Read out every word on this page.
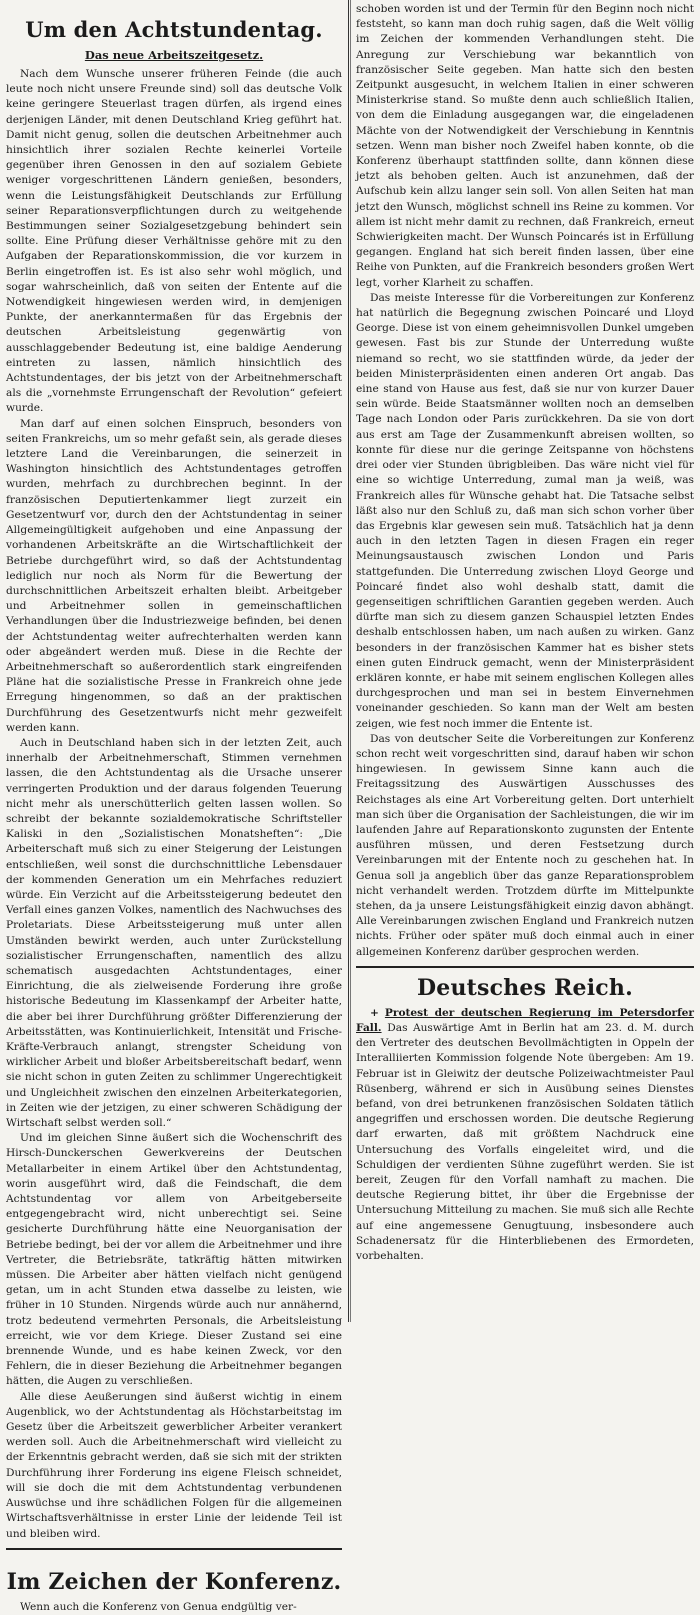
Um den Achtstundentag.
Das neue Arbeitszeitgesetz.

Nach dem Wunsche unserer früheren Feinde (die auch leute noch nicht unsere Freunde sind) soll das deutsche Volk keine geringere Steuerlast tragen dürfen, als irgend eines derjenigen Länder, mit denen Deutschland Krieg geführt hat. Damit nicht genug, sollen die deutschen Arbeitnehmer auch hinsichtlich ihrer sozialen Rechte keinerlei Vorteile gegenüber ihren Genossen in den auf sozialem Gebiete weniger vorgeschrittenen Ländern genießen, besonders, wenn die Leistungsfähigkeit Deutschlands zur Erfüllung seiner Reparationsverpflichtungen durch zu weitgehende Bestimmungen seiner Sozialgesetzgebung behindert sein sollte. Eine Prüfung dieser Verhältnisse gehöre mit zu den Aufgaben der Reparationskommission, die vor kurzem in Berlin eingetroffen ist. Es ist also sehr wohl möglich, und sogar wahrscheinlich, daß von seiten der Entente auf die Notwendigkeit hingewiesen werden wird, in demjenigen Punkte, der anerkanntermaßen für das Ergebnis der deutschen Arbeitsleistung gegenwärtig von ausschlaggebender Bedeutung ist, eine baldige Aenderung eintreten zu lassen, nämlich hinsichtlich des Achtstundentages, der bis jetzt von der Arbeitnehmerschaft als die „vornehmste Errungenschaft der Revolution“ gefeiert wurde.

Man darf auf einen solchen Einspruch, besonders von seiten Frankreichs, um so mehr gefaßt sein, als gerade dieses letztere Land die Vereinbarungen, die seinerzeit in Washington hinsichtlich des Achtstundentages getroffen wurden, mehrfach zu durchbrechen beginnt. In der französischen Deputiertenkammer liegt zurzeit ein Gesetzentwurf vor, durch den der Achtstundentag in seiner Allgemeingültigkeit aufgehoben und eine Anpassung der vorhandenen Arbeitskräfte an die Wirtschaftlichkeit der Betriebe durchgeführt wird, so daß der Achtstundentag lediglich nur noch als Norm für die Bewertung der durchschnittlichen Arbeitszeit erhalten bleibt. Arbeitgeber und Arbeitnehmer sollen in gemeinschaftlichen Verhandlungen über die Industriezweige befinden, bei denen der Achtstundentag weiter aufrechterhalten werden kann oder abgeändert werden muß. Diese in die Rechte der Arbeitnehmerschaft so außerordentlich stark eingreifenden Pläne hat die sozialistische Presse in Frankreich ohne jede Erregung hingenommen, so daß an der praktischen Durchführung des Gesetzentwurfs nicht mehr gezweifelt werden kann.

Auch in Deutschland haben sich in der letzten Zeit, auch innerhalb der Arbeitnehmerschaft, Stimmen vernehmen lassen, die den Achtstundentag als die Ursache unserer verringerten Produktion und der daraus folgenden Teuerung nicht mehr als unerschütterlich gelten lassen wollen. So schreibt der bekannte sozialdemokratische Schriftsteller Kaliski in den „Sozialistischen Monatsheften“: „Die Arbeiterschaft muß sich zu einer Steigerung der Leistungen entschließen, weil sonst die durchschnittliche Lebensdauer der kommenden Generation um ein Mehrfaches reduziert würde. Ein Verzicht auf die Arbeitssteigerung bedeutet den Verfall eines ganzen Volkes, namentlich des Nachwuchses des Proletariats. Diese Arbeitssteigerung muß unter allen Umständen bewirkt werden, auch unter Zurückstellung sozialistischer Errungenschaften, namentlich des allzu schematisch ausgedachten Achtstundentages, einer Einrichtung, die als zielweisende Forderung ihre große historische Bedeutung im Klassenkampf der Arbeiter hatte, die aber bei ihrer Durchführung größter Differenzierung der Arbeitsstätten, was Kontinuierlichkeit, Intensität und Frische-Kräfte-Verbrauch anlangt, strengster Scheidung von wirklicher Arbeit und bloßer Arbeitsbereitschaft bedarf, wenn sie nicht schon in guten Zeiten zu schlimmer Ungerechtigkeit und Ungleichheit zwischen den einzelnen Arbeiterkategorien, in Zeiten wie der jetzigen, zu einer schweren Schädigung der Wirtschaft selbst werden soll.“

Und im gleichen Sinne äußert sich die Wochenschrift des Hirsch-Dunckerschen Gewerkvereins der Deutschen Metallarbeiter in einem Artikel über den Achtstundentag, worin ausgeführt wird, daß die Feindschaft, die dem Achtstundentag vor allem von Arbeitgeberseite entgegengebracht wird, nicht unberechtigt sei. Seine gesicherte Durchführung hätte eine Neuorganisation der Betriebe bedingt, bei der vor allem die Arbeitnehmer und ihre Vertreter, die Betriebsräte, tatkräftig hätten mitwirken müssen. Die Arbeiter aber hätten vielfach nicht genügend getan, um in acht Stunden etwa dasselbe zu leisten, wie früher in 10 Stunden. Nirgends würde auch nur annähernd, trotz bedeutend vermehrten Personals, die Arbeitsleistung erreicht, wie vor dem Kriege. Dieser Zustand sei eine brennende Wunde, und es habe keinen Zweck, vor den Fehlern, die in dieser Beziehung die Arbeitnehmer begangen hätten, die Augen zu verschließen.

Alle diese Aeußerungen sind äußerst wichtig in einem Augenblick, wo der Achtstundentag als Höchstarbeitstag im Gesetz über die Arbeitszeit gewerblicher Arbeiter verankert werden soll. Auch die Arbeitnehmerschaft wird vielleicht zu der Erkenntnis gebracht werden, daß sie sich mit der strikten Durchführung ihrer Forderung ins eigene Fleisch schneidet, will sie doch die mit dem Achtstundentag verbundenen Auswüchse und ihre schädlichen Folgen für die allgemeinen Wirtschaftsverhältnisse in erster Linie der leidende Teil ist und bleiben wird.

Im Zeichen der Konferenz.

Wenn auch die Konferenz von Genua endgültig ver-

schoben worden ist und der Termin für den Beginn noch nicht feststeht, so kann man doch ruhig sagen, daß die Welt völlig im Zeichen der kommenden Verhandlungen steht. Die Anregung zur Verschiebung war bekanntlich von französischer Seite gegeben. Man hatte sich den besten Zeitpunkt ausgesucht, in welchem Italien in einer schweren Ministerkrise stand. So mußte denn auch schließlich Italien, von dem die Einladung ausgegangen war, die eingeladenen Mächte von der Notwendigkeit der Verschiebung in Kenntnis setzen. Wenn man bisher noch Zweifel haben konnte, ob die Konferenz überhaupt stattfinden sollte, dann können diese jetzt als behoben gelten. Auch ist anzunehmen, daß der Aufschub kein allzu langer sein soll. Von allen Seiten hat man jetzt den Wunsch, möglichst schnell ins Reine zu kommen. Vor allem ist nicht mehr damit zu rechnen, daß Frankreich, erneut Schwierigkeiten macht. Der Wunsch Poincarés ist in Erfüllung gegangen. England hat sich bereit finden lassen, über eine Reihe von Punkten, auf die Frankreich besonders großen Wert legt, vorher Klarheit zu schaffen.

Das meiste Interesse für die Vorbereitungen zur Konferenz hat natürlich die Begegnung zwischen Poincaré und Lloyd George. Diese ist von einem geheimnisvollen Dunkel umgeben gewesen. Fast bis zur Stunde der Unterredung wußte niemand so recht, wo sie stattfinden würde, da jeder der beiden Ministerpräsidenten einen anderen Ort angab. Das eine stand von Hause aus fest, daß sie nur von kurzer Dauer sein würde. Beide Staatsmänner wollten noch an demselben Tage nach London oder Paris zurückkehren. Da sie von dort aus erst am Tage der Zusammenkunft abreisen wollten, so konnte für diese nur die geringe Zeitspanne von höchstens drei oder vier Stunden übrigbleiben. Das wäre nicht viel für eine so wichtige Unterredung, zumal man ja weiß, was Frankreich alles für Wünsche gehabt hat. Die Tatsache selbst läßt also nur den Schluß zu, daß man sich schon vorher über das Ergebnis klar gewesen sein muß. Tatsächlich hat ja denn auch in den letzten Tagen in diesen Fragen ein reger Meinungsaustausch zwischen London und Paris stattgefunden. Die Unterredung zwischen Lloyd George und Poincaré findet also wohl deshalb statt, damit die gegenseitigen schriftlichen Garantien gegeben werden. Auch dürfte man sich zu diesem ganzen Schauspiel letzten Endes deshalb entschlossen haben, um nach außen zu wirken. Ganz besonders in der französischen Kammer hat es bisher stets einen guten Eindruck gemacht, wenn der Ministerpräsident erklären konnte, er habe mit seinem englischen Kollegen alles durchgesprochen und man sei in bestem Einvernehmen voneinander geschieden. So kann man der Welt am besten zeigen, wie fest noch immer die Entente ist.

Das von deutscher Seite die Vorbereitungen zur Konferenz schon recht weit vorgeschritten sind, darauf haben wir schon hingewiesen. In gewissem Sinne kann auch die Freitagssitzung des Auswärtigen Ausschusses des Reichstages als eine Art Vorbereitung gelten. Dort unterhielt man sich über die Organisation der Sachleistungen, die wir im laufenden Jahre auf Reparationskonto zugunsten der Entente ausführen müssen, und deren Festsetzung durch Vereinbarungen mit der Entente noch zu geschehen hat. In Genua soll ja angeblich über das ganze Reparationsproblem nicht verhandelt werden. Trotzdem dürfte im Mittelpunkte stehen, da ja unsere Leistungsfähigkeit einzig davon abhängt. Alle Vereinbarungen zwischen England und Frankreich nutzen nichts. Früher oder später muß doch einmal auch in einer allgemeinen Konferenz darüber gesprochen werden.

Deutsches Reich.

+ Protest der deutschen Regierung im Petersdorfer Fall. Das Auswärtige Amt in Berlin hat am 23. d. M. durch den Vertreter des deutschen Bevollmächtigten in Oppeln der Interalliierten Kommission folgende Note übergeben: Am 19. Februar ist in Gleiwitz der deutsche Polizeiwachtmeister Paul Rüsenberg, während er sich in Ausübung seines Dienstes befand, von drei betrunkenen französischen Soldaten tätlich angegriffen und erschossen worden. Die deutsche Regierung darf erwarten, daß mit größtem Nachdruck eine Untersuchung des Vorfalls eingeleitet wird, und die Schuldigen der verdienten Sühne zugeführt werden. Sie ist bereit, Zeugen für den Vorfall namhaft zu machen. Die deutsche Regierung bittet, ihr über die Ergebnisse der Untersuchung Mitteilung zu machen. Sie muß sich alle Rechte auf eine angemessene Genugtuung, insbesondere auch Schadenersatz für die Hinterbliebenen des Ermordeten, vorbehalten.
